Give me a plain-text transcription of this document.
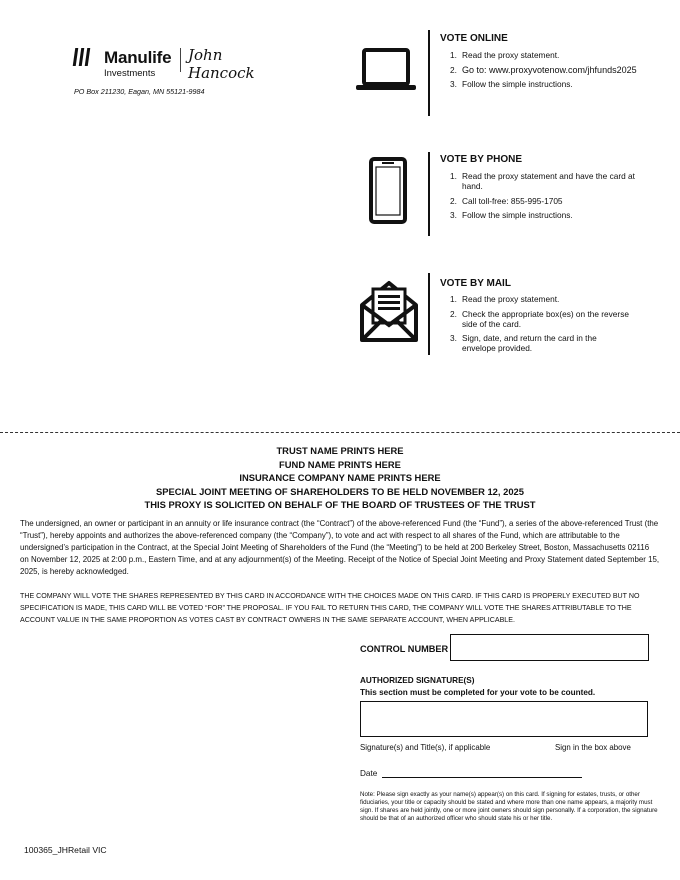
Manulife
Investments
John Hancock
PO Box 211230, Eagan, MN 55121-9984
VOTE ONLINE
1. Read the proxy statement.
2. Go to: www.proxyvotenow.com/jhfunds2025
3. Follow the simple instructions.
VOTE BY PHONE
1. Read the proxy statement and have the card at hand.
2. Call toll-free: 855-995-1705
3. Follow the simple instructions.
VOTE BY MAIL
1. Read the proxy statement.
2. Check the appropriate box(es) on the reverse side of the card.
3. Sign, date, and return the card in the envelope provided.
TRUST NAME PRINTS HERE
FUND NAME PRINTS HERE
INSURANCE COMPANY NAME PRINTS HERE
SPECIAL JOINT MEETING OF SHAREHOLDERS TO BE HELD NOVEMBER 12, 2025
THIS PROXY IS SOLICITED ON BEHALF OF THE BOARD OF TRUSTEES OF THE TRUST
The undersigned, an owner or participant in an annuity or life insurance contract (the “Contract”) of the above-referenced Fund (the “Fund”), a series of the above-referenced Trust (the “Trust”), hereby appoints and authorizes the above-referenced company (the “Company”), to vote and act with respect to all shares of the Fund, which are attributable to the undersigned’s participation in the Contract, at the Special Joint Meeting of Shareholders of the Fund (the “Meeting”) to be held at 200 Berkeley Street, Boston, Massachusetts 02116 on November 12, 2025 at 2:00 p.m., Eastern Time, and at any adjournment(s) of the Meeting. Receipt of the Notice of Special Joint Meeting and Proxy Statement dated September 15, 2025, is hereby acknowledged.
THE COMPANY WILL VOTE THE SHARES REPRESENTED BY THIS CARD IN ACCORDANCE WITH THE CHOICES MADE ON THIS CARD. IF THIS CARD IS PROPERLY EXECUTED BUT NO SPECIFICATION IS MADE, THIS CARD WILL BE VOTED “FOR” THE PROPOSAL. IF YOU FAIL TO RETURN THIS CARD, THE COMPANY WILL VOTE THE SHARES ATTRIBUTABLE TO THE ACCOUNT VALUE IN THE SAME PROPORTION AS VOTES CAST BY CONTRACT OWNERS IN THE SAME SEPARATE ACCOUNT, WHEN APPLICABLE.
CONTROL NUMBER
AUTHORIZED SIGNATURE(S)
This section must be completed for your vote to be counted.
Signature(s) and Title(s), if applicable	Sign in the box above
Date
Note: Please sign exactly as your name(s) appear(s) on this card. If signing for estates, trusts, or other fiduciaries, your title or capacity should be stated and where more than one name appears, a majority must sign. If shares are held jointly, one or more joint owners should sign personally. If a corporation, the signature should be that of an authorized officer who should state his or her title.
100365_JHRetail VIC
